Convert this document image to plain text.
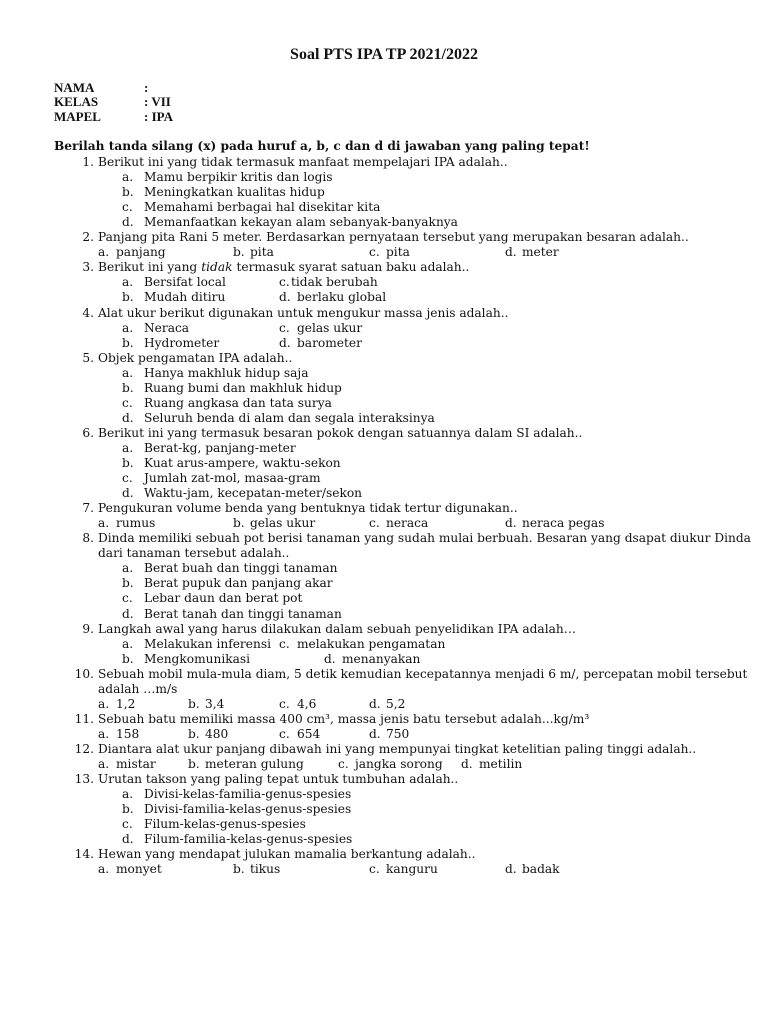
Soal PTS IPA TP 2021/2022
NAMA	:
KELAS	: VII
MAPEL	: IPA
Berilah tanda silang (x) pada huruf a, b, c dan d di jawaban yang paling tepat!
1. Berikut ini yang tidak termasuk manfaat mempelajari IPA adalah..
a. Mamu berpikir kritis dan logis
b. Meningkatkan kualitas hidup
c. Memahami berbagai hal disekitar kita
d. Memanfaatkan kekayan alam sebanyak-banyaknya
2. Panjang pita Rani 5 meter. Berdasarkan pernyataan tersebut yang merupakan besaran adalah..
a. panjang	b. pita	c. pita	d. meter
3. Berikut ini yang tidak termasuk syarat satuan baku adalah..
a. Bersifat local	c. tidak berubah
b. Mudah ditiru	d. berlaku global
4. Alat ukur berikut digunakan untuk mengukur massa jenis adalah..
a. Neraca	c. gelas ukur
b. Hydrometer	d. barometer
5. Objek pengamatan IPA adalah..
a. Hanya makhluk hidup saja
b. Ruang bumi dan makhluk hidup
c. Ruang angkasa dan tata surya
d. Seluruh benda di alam dan segala interaksinya
6. Berikut ini yang termasuk besaran pokok dengan satuannya dalam SI adalah..
a. Berat-kg, panjang-meter
b. Kuat arus-ampere, waktu-sekon
c. Jumlah zat-mol, masaa-gram
d. Waktu-jam, kecepatan-meter/sekon
7. Pengukuran volume benda yang bentuknya tidak tertur digunakan..
a. rumus	b. gelas ukur	c. neraca	d. neraca pegas
8. Dinda memiliki sebuah pot berisi tanaman yang sudah mulai berbuah. Besaran yang dsapat diukur Dinda
dari tanaman tersebut adalah..
a. Berat buah dan tinggi tanaman
b. Berat pupuk dan panjang akar
c. Lebar daun dan berat pot
d. Berat tanah dan tinggi tanaman
9. Langkah awal yang harus dilakukan dalam sebuah penyelidikan IPA adalah…
a. Melakukan inferensi c. melakukan pengamatan
b. Mengkomunikasi	d. menanyakan
10. Sebuah mobil mula-mula diam, 5 detik kemudian kecepatannya menjadi 6 m/, percepatan mobil tersebut
adalah …m/s
a. 1,2	b. 3,4	c. 4,6	d. 5,2
11. Sebuah batu memiliki massa 400 cm³, massa jenis batu tersebut adalah...kg/m³
a. 158	b. 480	c. 654	d. 750
12. Diantara alat ukur panjang dibawah ini yang mempunyai tingkat ketelitian paling tinggi adalah..
a. mistar	b. meteran gulung	c. jangka sorong d. metilin
13. Urutan takson yang paling tepat untuk tumbuhan adalah..
a. Divisi-kelas-familia-genus-spesies
b. Divisi-familia-kelas-genus-spesies
c. Filum-kelas-genus-spesies
d. Filum-familia-kelas-genus-spesies
14. Hewan yang mendapat julukan mamalia berkantung adalah..
a. monyet	b. tikus	c. kanguru	d. badak
